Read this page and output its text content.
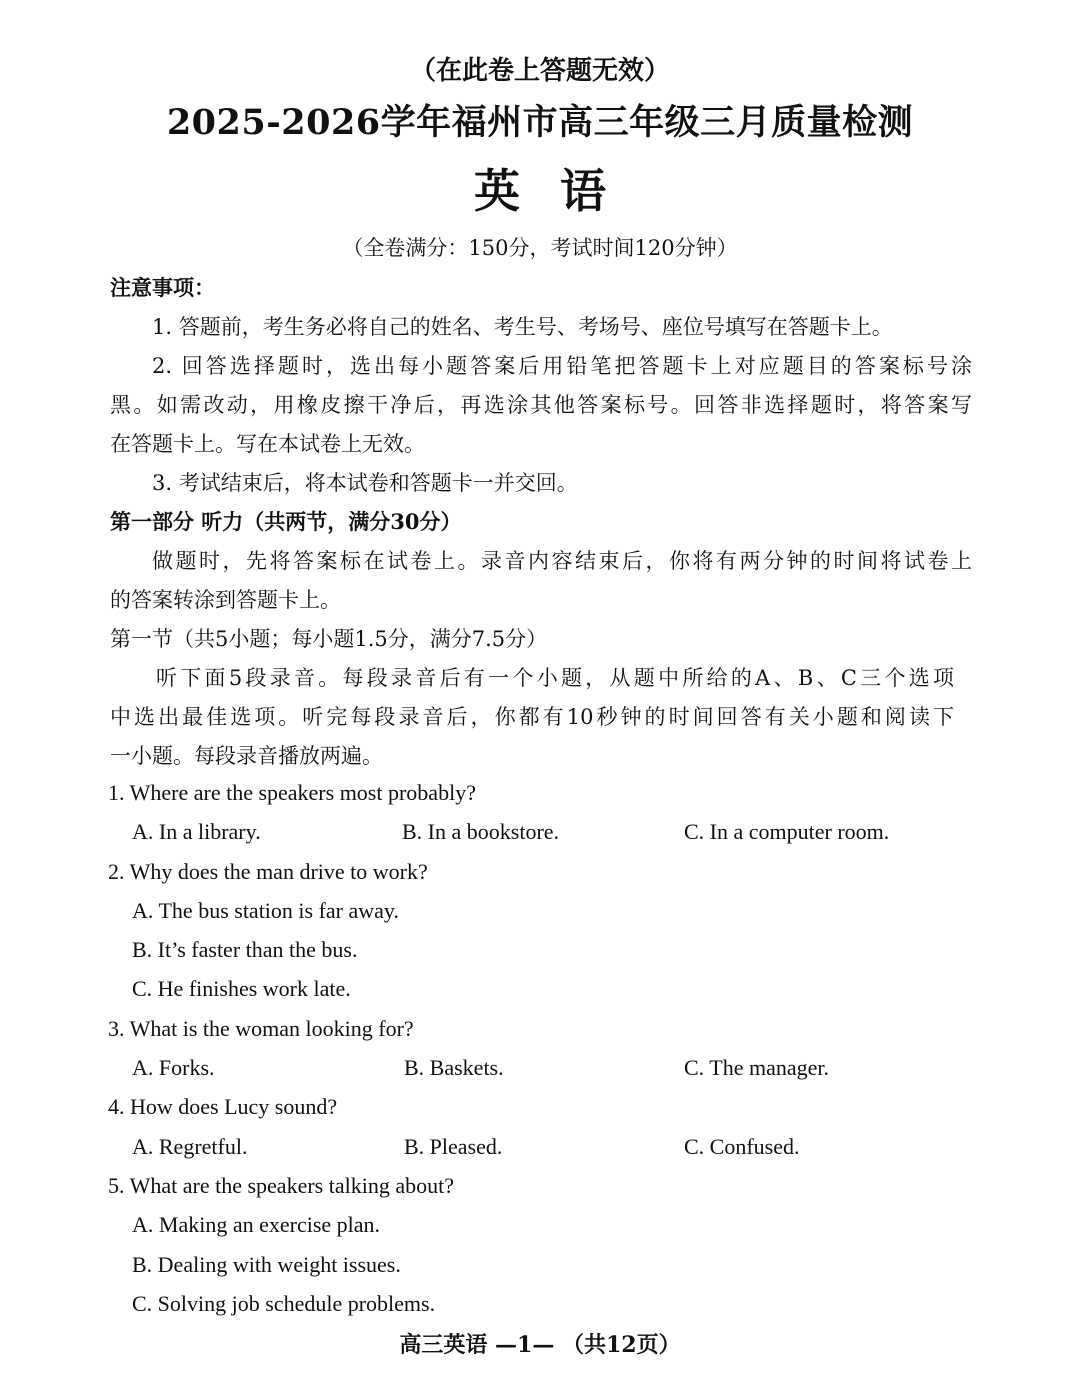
（在此卷上答题无效）
2025-2026学年福州市高三年级三月质量检测
英语
（全卷满分：150分，考试时间120分钟）
注意事项：
1. 答题前，考生务必将自己的姓名、考生号、考场号、座位号填写在答题卡上。
2. 回答选择题时，选出每小题答案后用铅笔把答题卡上对应题目的答案标号涂
黑。如需改动，用橡皮擦干净后，再选涂其他答案标号。回答非选择题时，将答案写
在答题卡上。写在本试卷上无效。
3. 考试结束后，将本试卷和答题卡一并交回。
第一部分 听力（共两节，满分30分）
做题时，先将答案标在试卷上。录音内容结束后，你将有两分钟的时间将试卷上
的答案转涂到答题卡上。
第一节（共5小题；每小题1.5分，满分7.5分）
听下面5段录音。每段录音后有一个小题，从题中所给的A、B、C三个选项
中选出最佳选项。听完每段录音后，你都有10秒钟的时间回答有关小题和阅读下
一小题。每段录音播放两遍。
1. Where are the speakers most probably?
A. In a library.	B. In a bookstore.	C. In a computer room.
2. Why does the man drive to work?
A. The bus station is far away.
B. It’s faster than the bus.
C. He finishes work late.
3. What is the woman looking for?
A. Forks.	B. Baskets.	C. The manager.
4. How does Lucy sound?
A. Regretful.	B. Pleased.	C. Confused.
5. What are the speakers talking about?
A. Making an exercise plan.
B. Dealing with weight issues.
C. Solving job schedule problems.
高三英语 —1— （共12页）
